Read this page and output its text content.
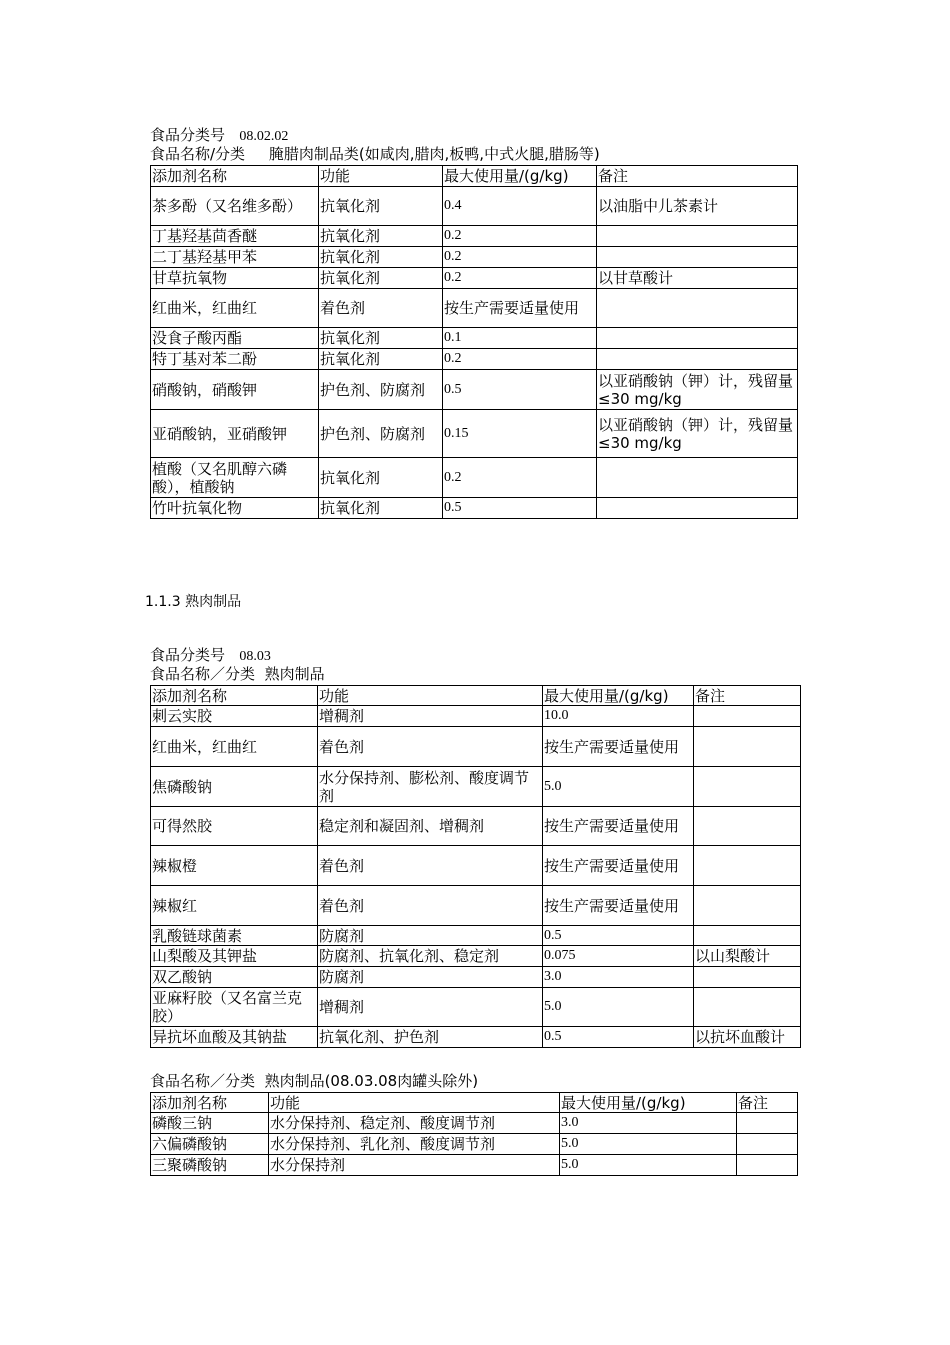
食品分类号 08.02.02
食品名称/分类 腌腊肉制品类(如咸肉,腊肉,板鸭,中式火腿,腊肠等)
添加剂名称	功能	最大使用量/(g/kg)	备注
茶多酚（又名维多酚）	抗氧化剂	0.4	以油脂中儿茶素计
丁基羟基茴香醚	抗氧化剂	0.2	
二丁基羟基甲苯	抗氧化剂	0.2	
甘草抗氧物	抗氧化剂	0.2	以甘草酸计
红曲米，红曲红	着色剂	按生产需要适量使用	
没食子酸丙酯	抗氧化剂	0.1	
特丁基对苯二酚	抗氧化剂	0.2	
硝酸钠，硝酸钾	护色剂、防腐剂	0.5	以亚硝酸钠（钾）计，残留量≤30 mg/kg
亚硝酸钠，亚硝酸钾	护色剂、防腐剂	0.15	以亚硝酸钠（钾）计，残留量≤30 mg/kg
植酸（又名肌醇六磷酸），植酸钠	抗氧化剂	0.2	
竹叶抗氧化物	抗氧化剂	0.5	
1.1.3 熟肉制品
食品分类号 08.03
食品名称／分类 熟肉制品
添加剂名称	功能	最大使用量/(g/kg)	备注
刺云实胶	增稠剂	10.0	
红曲米，红曲红	着色剂	按生产需要适量使用	
焦磷酸钠	水分保持剂、膨松剂、酸度调节剂	5.0	
可得然胶	稳定剂和凝固剂、增稠剂	按生产需要适量使用	
辣椒橙	着色剂	按生产需要适量使用	
辣椒红	着色剂	按生产需要适量使用	
乳酸链球菌素	防腐剂	0.5	
山梨酸及其钾盐	防腐剂、抗氧化剂、稳定剂	0.075	以山梨酸计
双乙酸钠	防腐剂	3.0	
亚麻籽胶（又名富兰克胶）	增稠剂	5.0	
异抗坏血酸及其钠盐	抗氧化剂、护色剂	0.5	以抗坏血酸计
食品名称／分类 熟肉制品(08.03.08肉罐头除外)
添加剂名称	功能	最大使用量/(g/kg)	备注
磷酸三钠	水分保持剂、稳定剂、酸度调节剂	3.0	
六偏磷酸钠	水分保持剂、乳化剂、酸度调节剂	5.0	
三聚磷酸钠	水分保持剂	5.0	
